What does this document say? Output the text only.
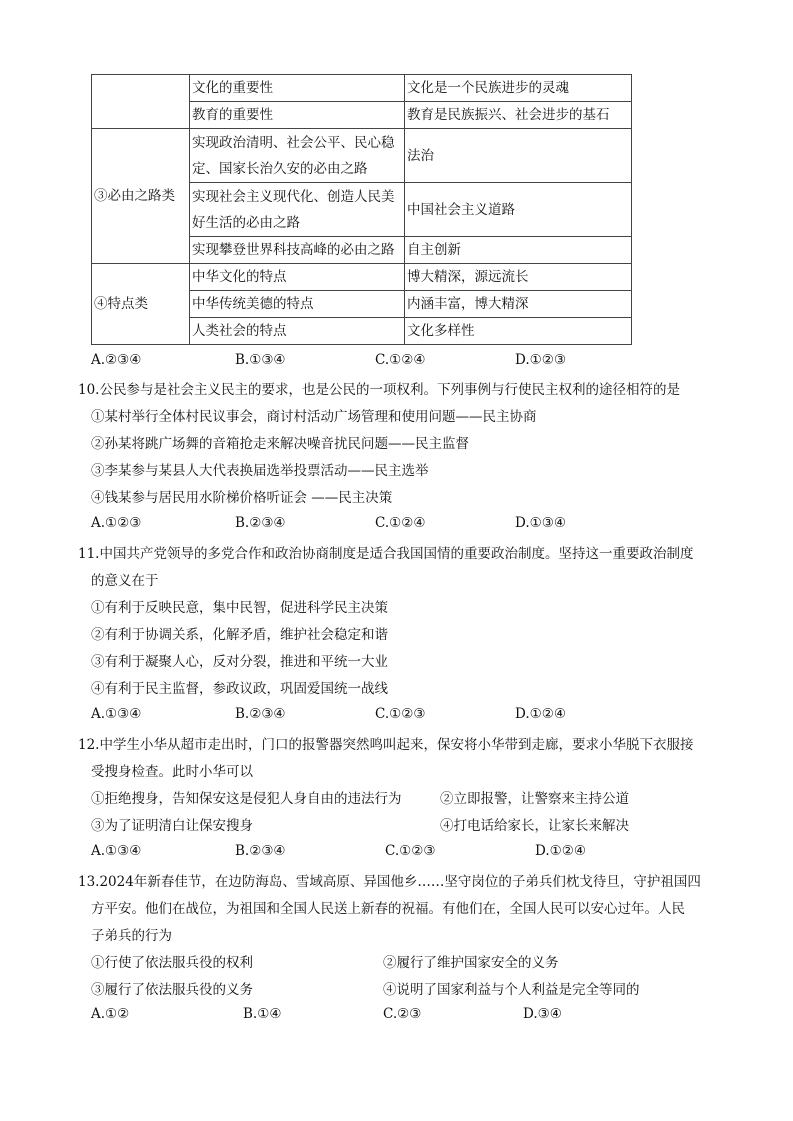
	文化的重要性	文化是一个民族进步的灵魂
	教育的重要性	教育是民族振兴、社会进步的基石
③必由之路类	实现政治清明、社会公平、民心稳定、国家长治久安的必由之路	法治
	实现社会主义现代化、创造人民美好生活的必由之路	中国社会主义道路
	实现攀登世界科技高峰的必由之路	自主创新
④特点类	中华文化的特点	博大精深，源远流长
	中华传统美德的特点	内涵丰富，博大精深
	人类社会的特点	文化多样性
A.②③④	B.①③④	C.①②④	D.①②③
10.公民参与是社会主义民主的要求，也是公民的一项权利。下列事例与行使民主权利的途径相符的是
①某村举行全体村民议事会，商讨村活动广场管理和使用问题——民主协商
②孙某将跳广场舞的音箱抢走来解决噪音扰民问题——民主监督
③李某参与某县人大代表换届选举投票活动——民主选举
④钱某参与居民用水阶梯价格听证会 ——民主决策
A.①②③	B.②③④	C.①②④	D.①③④
11.中国共产党领导的多党合作和政治协商制度是适合我国国情的重要政治制度。坚持这一重要政治制度
的意义在于
①有利于反映民意，集中民智，促进科学民主决策
②有利于协调关系，化解矛盾，维护社会稳定和谐
③有利于凝聚人心，反对分裂，推进和平统一大业
④有利于民主监督，参政议政，巩固爱国统一战线
A.①③④	B.②③④	C.①②③	D.①②④
12.中学生小华从超市走出时，门口的报警器突然鸣叫起来，保安将小华带到走廊，要求小华脱下衣服接
受搜身检查。此时小华可以
①拒绝搜身，告知保安这是侵犯人身自由的违法行为	②立即报警，让警察来主持公道
③为了证明清白让保安搜身	④打电话给家长，让家长来解决
A.①③④	B.②③④	C.①②③	D.①②④
13.2024年新春佳节，在边防海岛、雪域高原、异国他乡……坚守岗位的子弟兵们枕戈待旦，守护祖国四
方平安。他们在战位，为祖国和全国人民送上新春的祝福。有他们在，全国人民可以安心过年。人民
子弟兵的行为
①行使了依法服兵役的权利	②履行了维护国家安全的义务
③履行了依法服兵役的义务	④说明了国家利益与个人利益是完全等同的
A.①②	B.①④	C.②③	D.③④
